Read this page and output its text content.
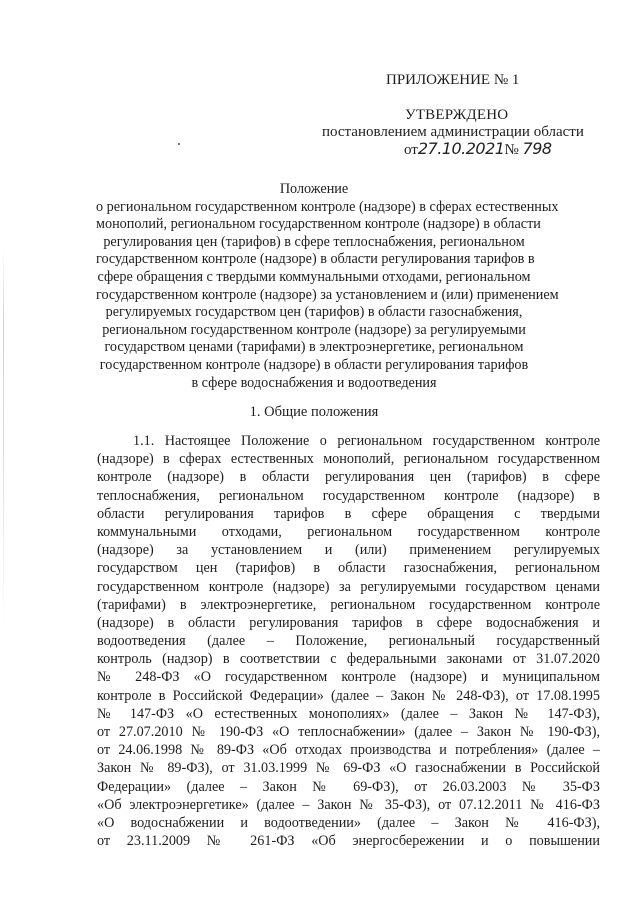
ПРИЛОЖЕНИЕ № 1
УТВЕРЖДЕНО
постановлением администрации области
от27.10.2021№ 798
Положение
о региональном государственном контроле (надзоре) в сферах естественных
монополий, региональном государственном контроле (надзоре) в области
регулирования цен (тарифов) в сфере теплоснабжения, региональном
государственном контроле (надзоре) в области регулирования тарифов в
сфере обращения с твердыми коммунальными отходами, региональном
государственном контроле (надзоре) за установлением и (или) применением
регулируемых государством цен (тарифов) в области газоснабжения,
региональном государственном контроле (надзоре) за регулируемыми
государством ценами (тарифами) в электроэнергетике, региональном
государственном контроле (надзоре) в области регулирования тарифов
в сфере водоснабжения и водоотведения
1. Общие положения
1.1. Настоящее Положение о региональном государственном контроле
(надзоре) в сферах естественных монополий, региональном государственном
контроле (надзоре) в области регулирования цен (тарифов) в сфере
теплоснабжения, региональном государственном контроле (надзоре) в
области регулирования тарифов в сфере обращения с твердыми
коммунальными отходами, региональном государственном контроле
(надзоре) за установлением и (или) применением регулируемых
государством цен (тарифов) в области газоснабжения, региональном
государственном контроле (надзоре) за регулируемыми государством ценами
(тарифами) в электроэнергетике, региональном государственном контроле
(надзоре) в области регулирования тарифов в сфере водоснабжения и
водоотведения (далее – Положение, региональный государственный
контроль (надзор) в соответствии с федеральными законами от 31.07.2020
№ 248-ФЗ «О государственном контроле (надзоре) и муниципальном
контроле в Российской Федерации» (далее – Закон № 248-ФЗ), от 17.08.1995
№ 147-ФЗ «О естественных монополиях» (далее – Закон № 147-ФЗ),
от 27.07.2010 № 190-ФЗ «О теплоснабжении» (далее – Закон № 190-ФЗ),
от 24.06.1998 № 89-ФЗ «Об отходах производства и потребления» (далее –
Закон № 89-ФЗ), от 31.03.1999 № 69-ФЗ «О газоснабжении в Российской
Федерации» (далее – Закон № 69-ФЗ), от 26.03.2003 № 35-ФЗ
«Об электроэнергетике» (далее – Закон № 35-ФЗ), от 07.12.2011 № 416-ФЗ
«О водоснабжении и водоотведении» (далее – Закон № 416-ФЗ),
от 23.11.2009 № 261-ФЗ «Об энергосбережении и о повышении
